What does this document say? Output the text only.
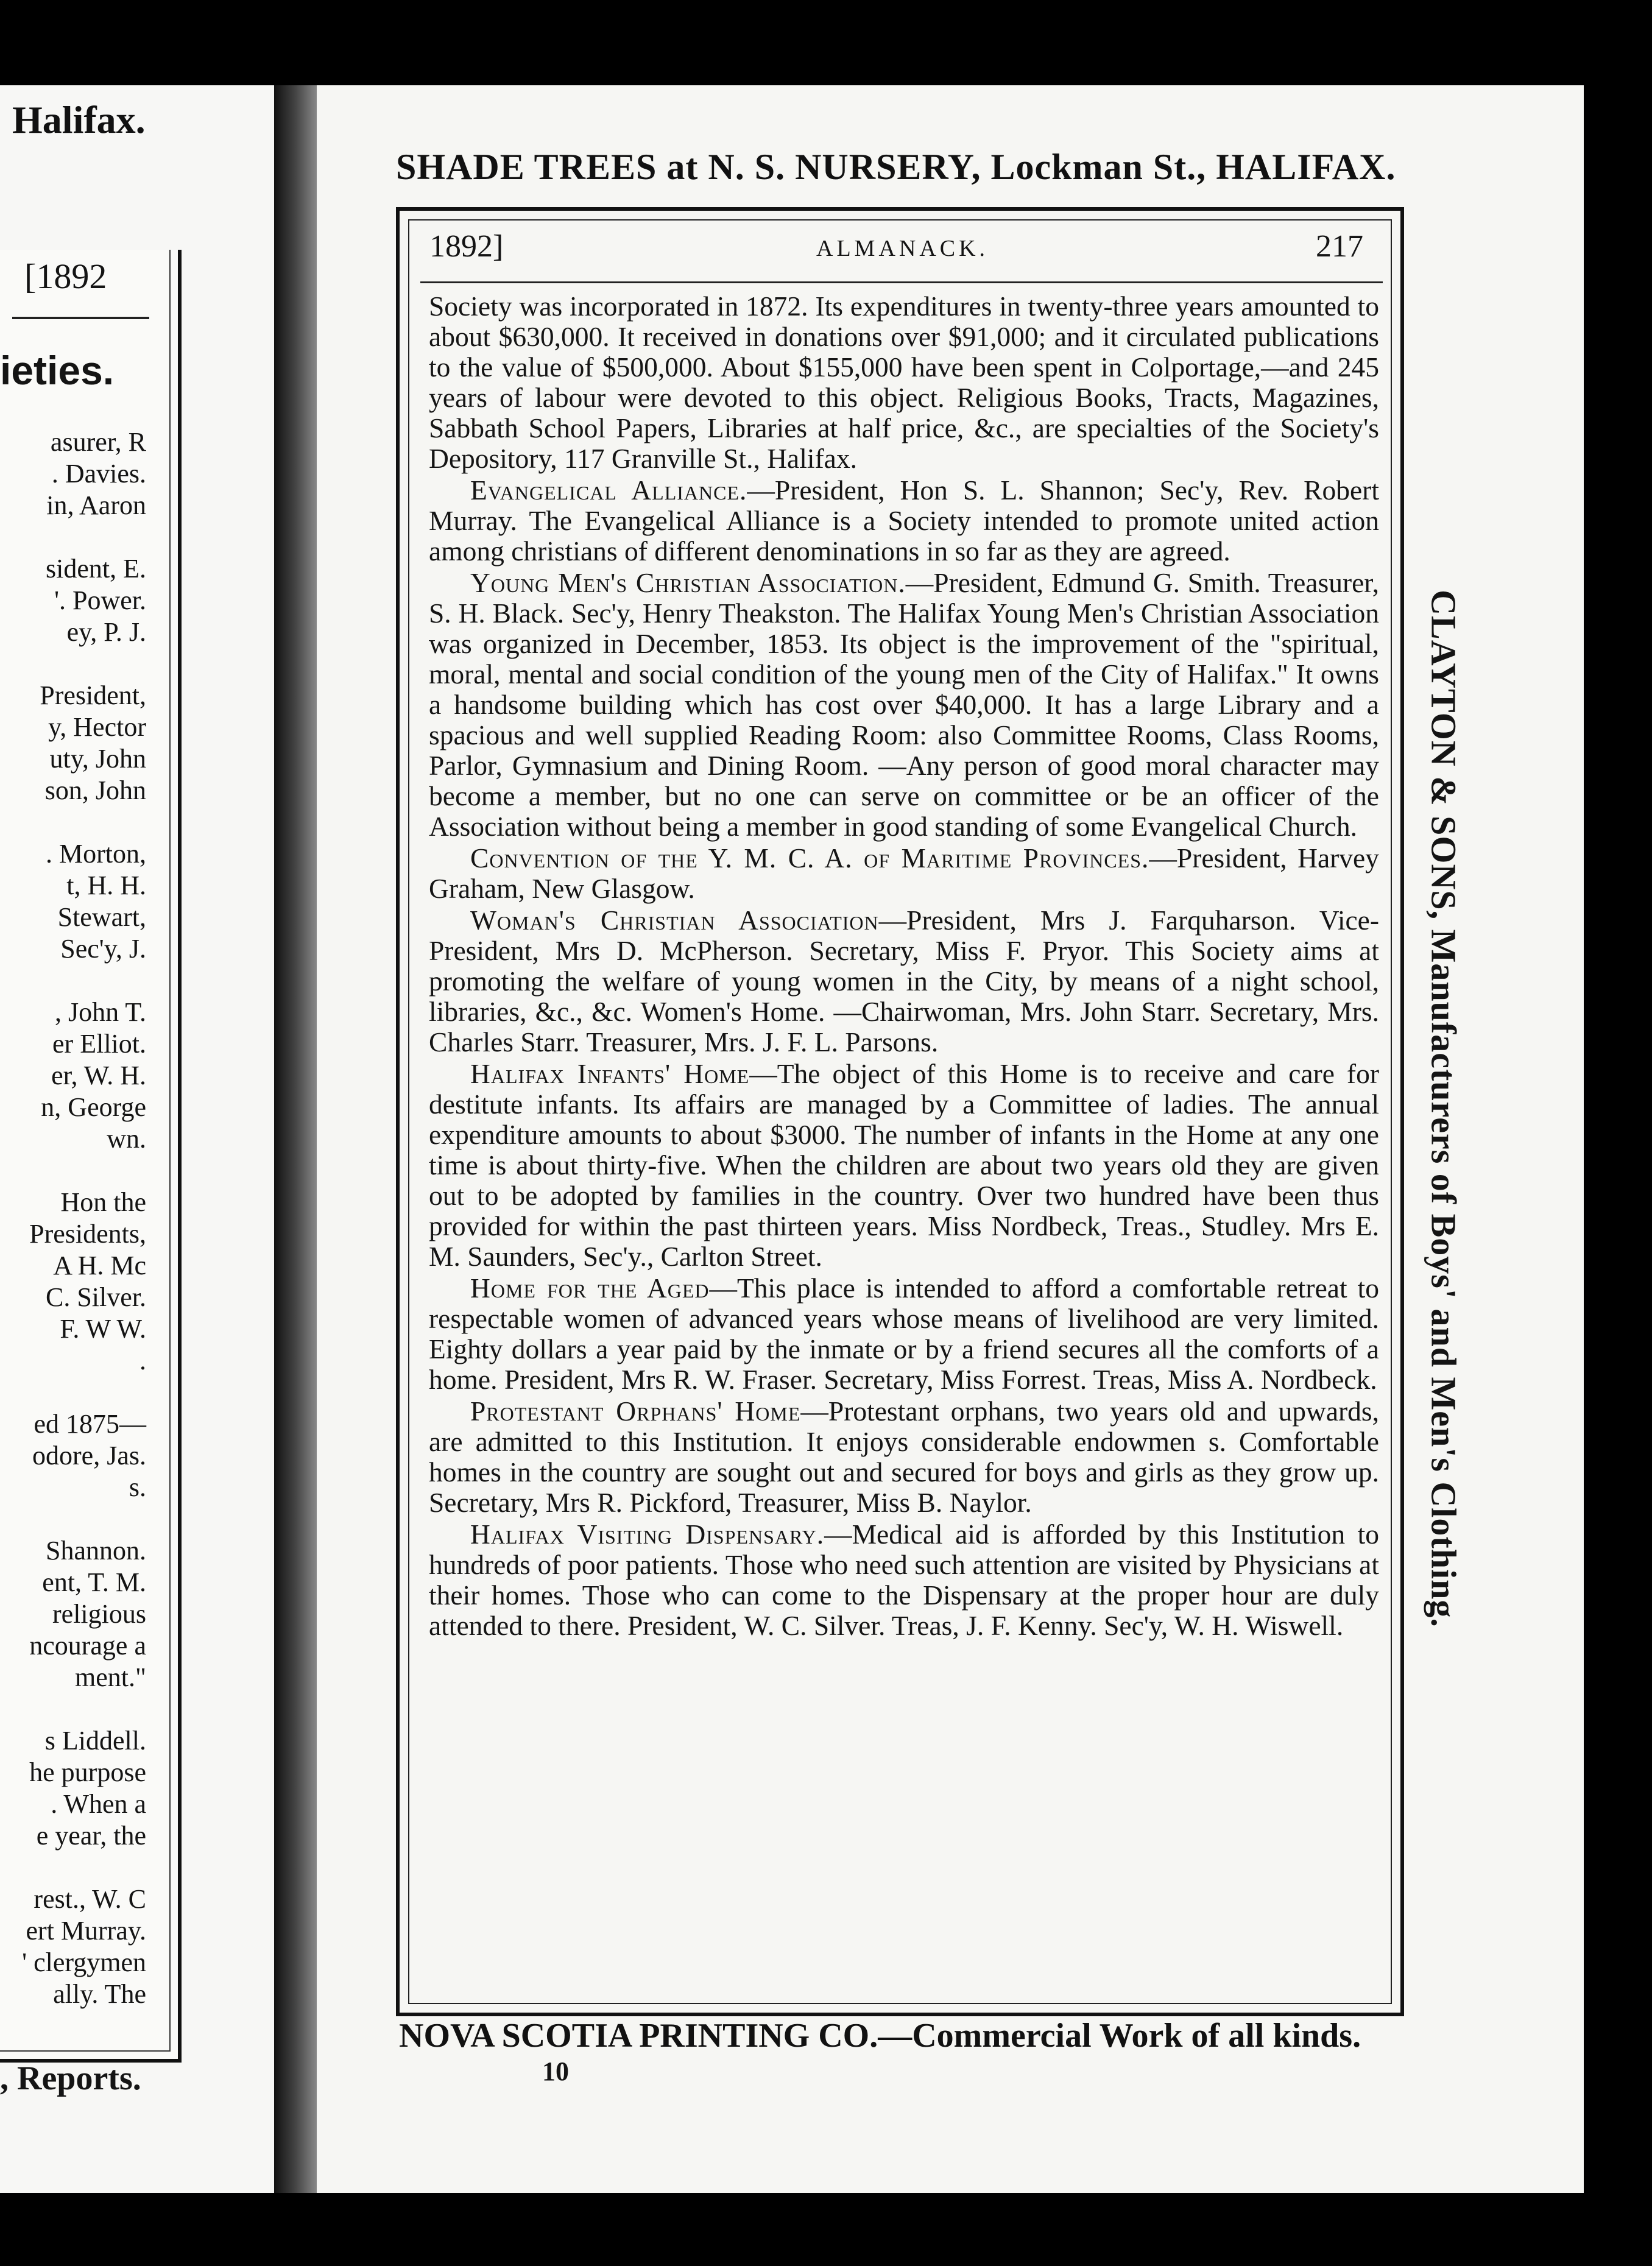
Halifax.
[1892
ieties.
asurer, R
. Davies.
in, Aaron
sident, E.
'. Power.
ey, P. J.
President,
y, Hector
uty, John
son, John
. Morton,
t, H. H.
Stewart,
Sec'y, J.
, John T.
er Elliot.
er, W. H.
n, George
wn.
Hon the
Presidents,
A H. Mc
C. Silver.
F. W W.
.
ed 1875—
odore, Jas.
s.
Shannon.
ent, T. M.
religious
ncourage a
ment."
s Liddell.
he purpose
. When a
e year, the
rest., W. C
ert Murray.
' clergymen
ally. The
, Reports.
SHADE TREES at N. S. NURSERY, Lockman St., HALIFAX.
1892]	ALMANACK.	217

Society was incorporated in 1872. Its expenditures in twenty-three years amounted to about $630,000. It received in donations over $91,000; and it circulated publications to the value of $500,000. About $155,000 have been spent in Colportage,—and 245 years of labour were devoted to this object. Religious Books, Tracts, Magazines, Sabbath School Papers, Libraries at half price, &c., are specialties of the Society's Depository, 117 Granville St., Halifax.

Evangelical Alliance.—President, Hon S. L. Shannon; Sec'y, Rev. Robert Murray. The Evangelical Alliance is a Society intended to promote united action among christians of different denominations in so far as they are agreed.

Young Men's Christian Association.—President, Edmund G. Smith. Treasurer, S. H. Black. Sec'y, Henry Theakston. The Halifax Young Men's Christian Association was organized in December, 1853. Its object is the improvement of the "spiritual, moral, mental and social condition of the young men of the City of Halifax." It owns a handsome building which has cost over $40,000. It has a large Library and a spacious and well supplied Reading Room: also Committee Rooms, Class Rooms, Parlor, Gymnasium and Dining Room. —Any person of good moral character may become a member, but no one can serve on committee or be an officer of the Association without being a member in good standing of some Evangelical Church.

Convention of the Y. M. C. A. of Maritime Provinces.—President, Harvey Graham, New Glasgow.

Woman's Christian Association—President, Mrs J. Farquharson. Vice-President, Mrs D. McPherson. Secretary, Miss F. Pryor. This Society aims at promoting the welfare of young women in the City, by means of a night school, libraries, &c., &c. Women's Home. —Chairwoman, Mrs. John Starr. Secretary, Mrs. Charles Starr. Treasurer, Mrs. J. F. L. Parsons.

Halifax Infants' Home—The object of this Home is to receive and care for destitute infants. Its affairs are managed by a Committee of ladies. The annual expenditure amounts to about $3000. The number of infants in the Home at any one time is about thirty-five. When the children are about two years old they are given out to be adopted by families in the country. Over two hundred have been thus provided for within the past thirteen years. Miss Nordbeck, Treas., Studley. Mrs E. M. Saunders, Sec'y., Carlton Street.

Home for the Aged—This place is intended to afford a comfortable retreat to respectable women of advanced years whose means of livelihood are very limited. Eighty dollars a year paid by the inmate or by a friend secures all the comforts of a home. President, Mrs R. W. Fraser. Secretary, Miss Forrest. Treas, Miss A. Nordbeck.

Protestant Orphans' Home—Protestant orphans, two years old and upwards, are admitted to this Institution. It enjoys considerable endowmen s. Comfortable homes in the country are sought out and secured for boys and girls as they grow up. Secretary, Mrs R. Pickford, Treasurer, Miss B. Naylor.

Halifax Visiting Dispensary.—Medical aid is afforded by this Institution to hundreds of poor patients. Those who need such attention are visited by Physicians at their homes. Those who can come to the Dispensary at the proper hour are duly attended to there. President, W. C. Silver. Treas, J. F. Kenny. Sec'y, W. H. Wiswell.	CLAYTON & SONS, Manufacturers of Boys' and Men's Clothing.
NOVA SCOTIA PRINTING CO.—Commercial Work of all kinds.
10
